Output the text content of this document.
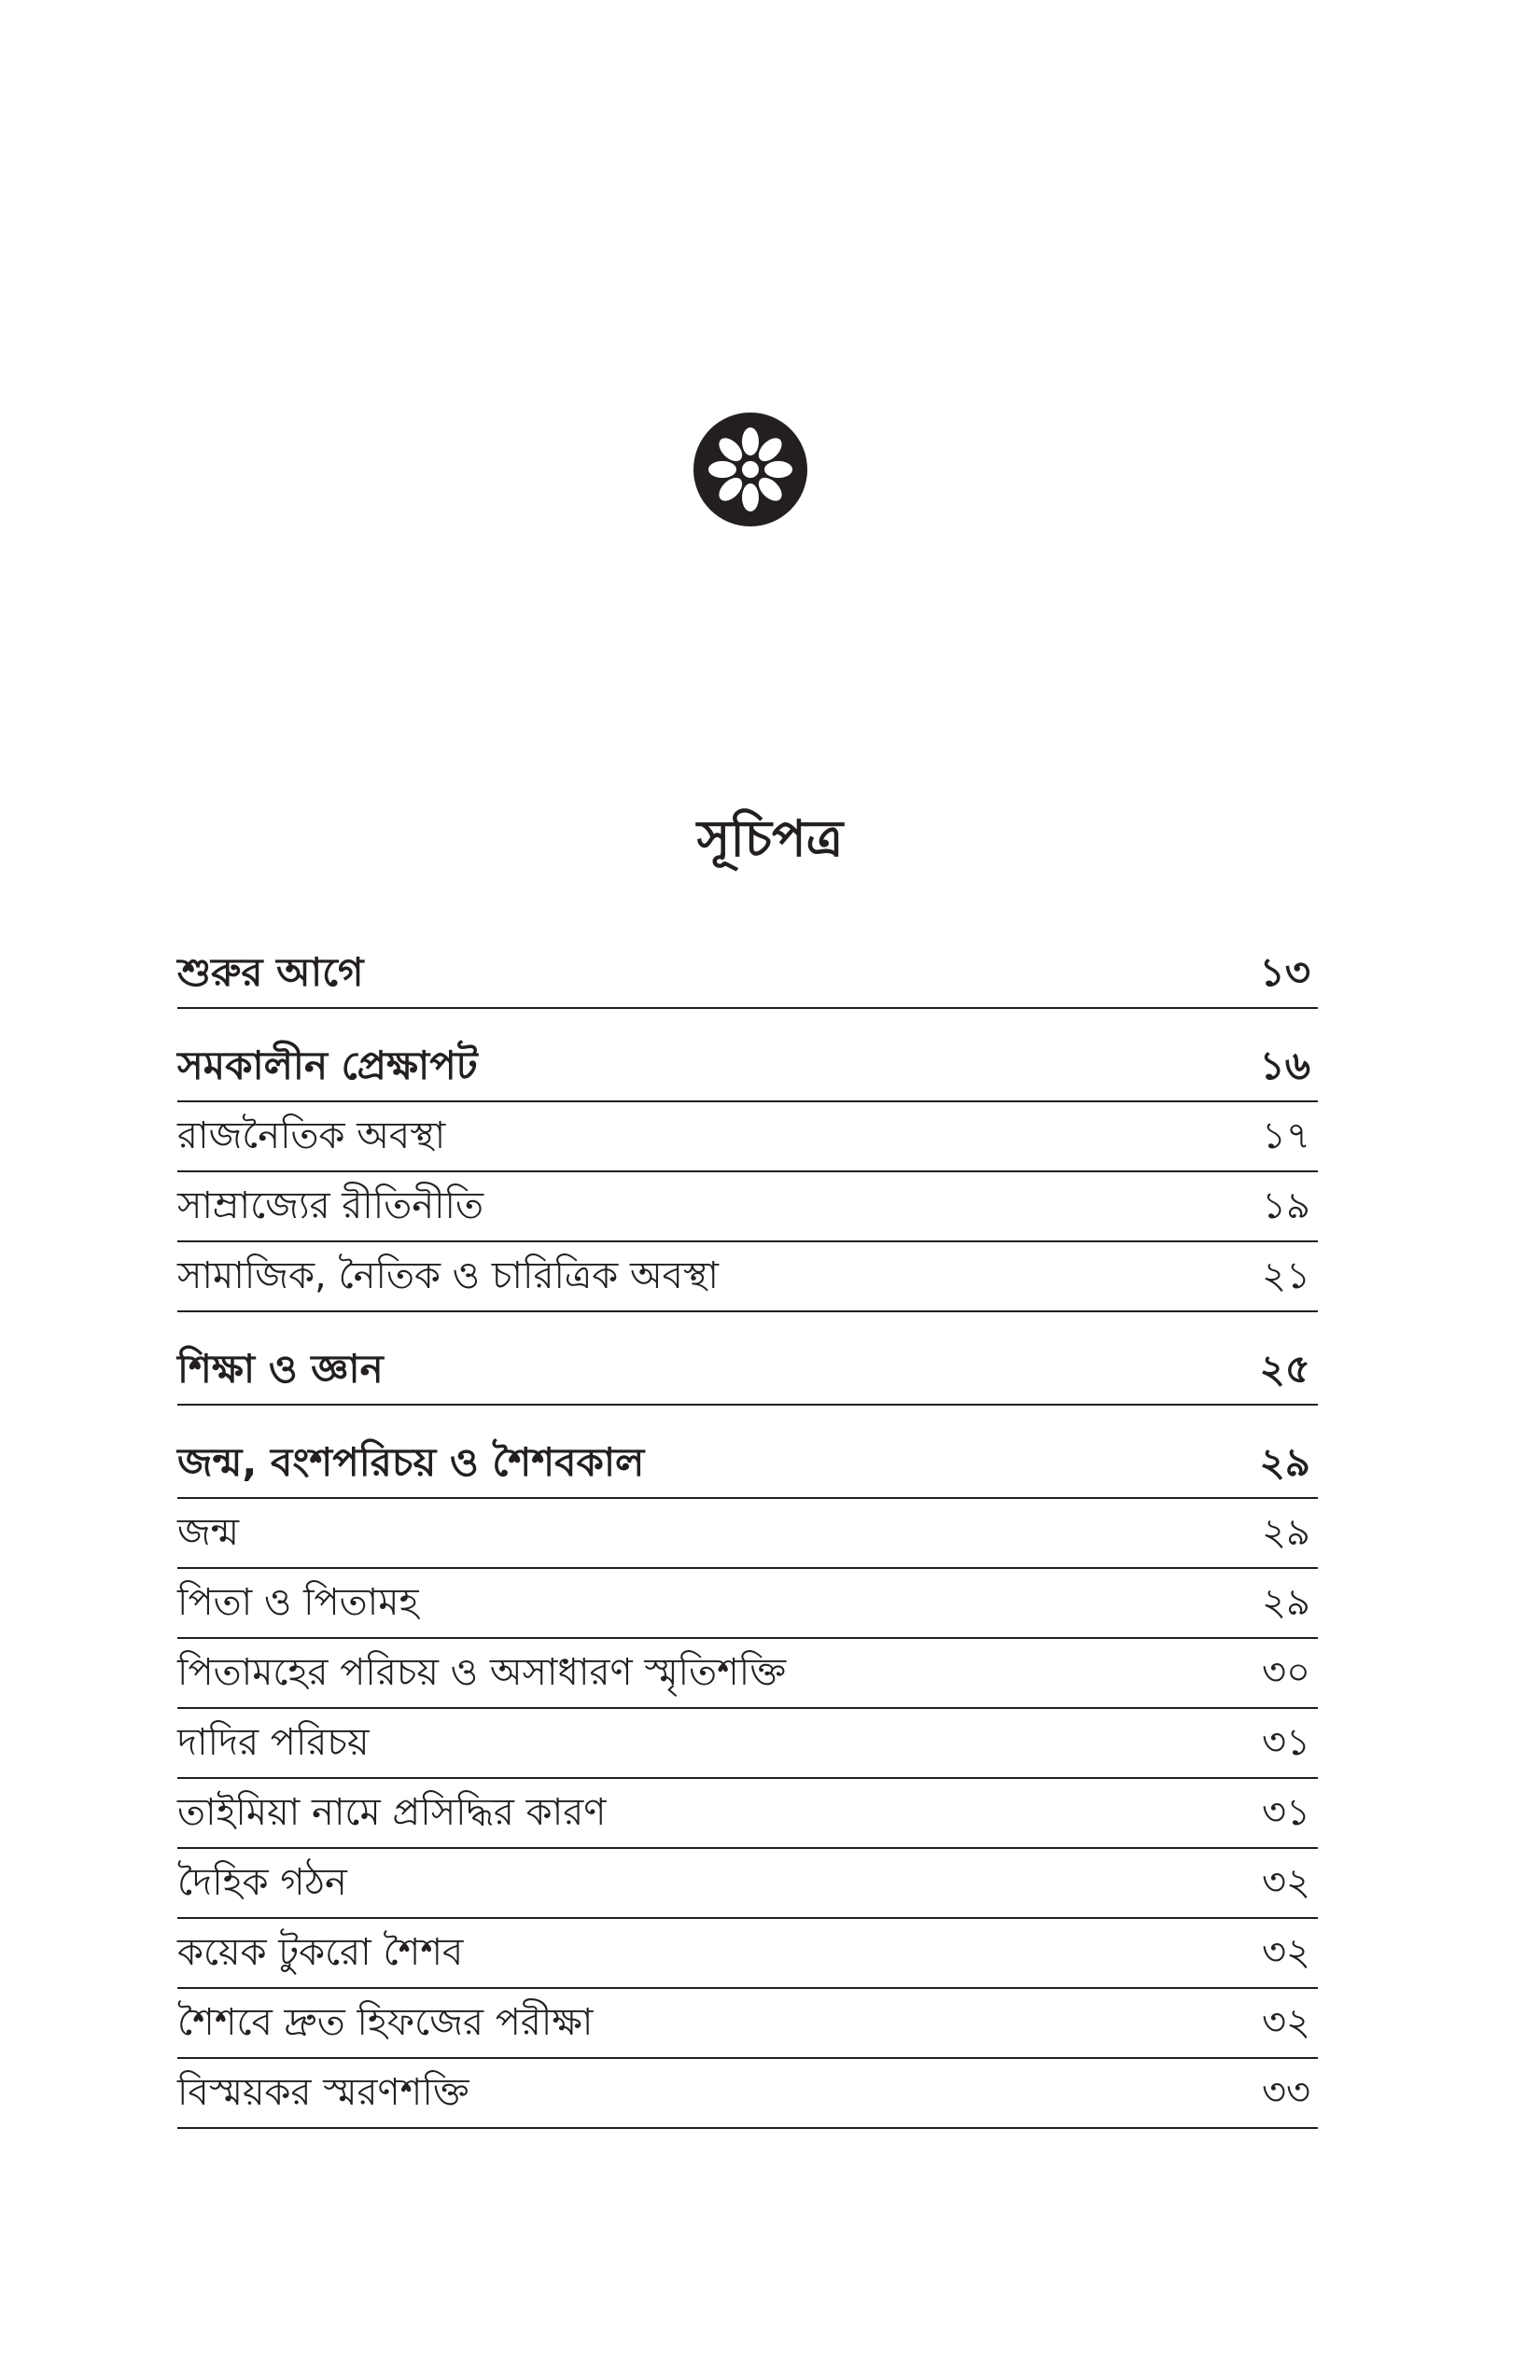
সূচিপত্র
শুরুর আগে	১৩
সমকালীন প্রেক্ষাপট	১৬
রাজনৈতিক অবস্থা	১৭
সাম্রাজ্যের রীতিনীতি	১৯
সামাজিক, নৈতিক ও চারিত্রিক অবস্থা	২১
শিক্ষা ও জ্ঞান	২৫
জন্ম, বংশপরিচয় ও শৈশবকাল	২৯
জন্ম	২৯
পিতা ও পিতামহ	২৯
পিতামহের পরিচয় ও অসাধারণ স্মৃতিশক্তি	৩০
দাদির পরিচয়	৩১
তাইমিয়া নামে প্রসিদ্ধির কারণ	৩১
দৈহিক গঠন	৩২
কয়েক টুকরো শৈশব	৩২
শৈশবে দ্রুত হিফজের পরীক্ষা	৩২
বিস্ময়কর স্মরণশক্তি	৩৩
